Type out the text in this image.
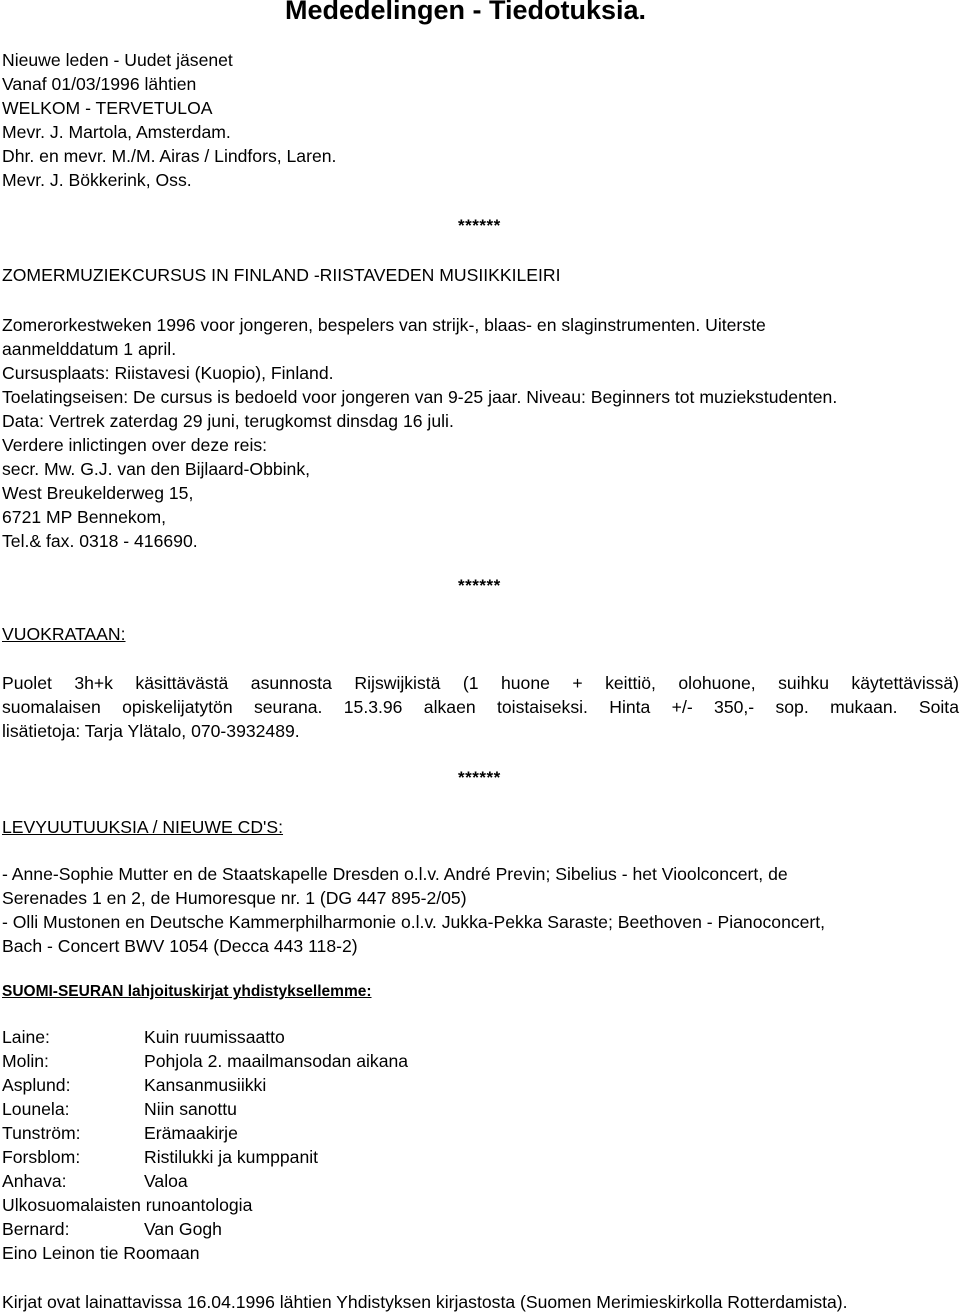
Mededelingen - Tiedotuksia.
Nieuwe leden - Uudet jäsenet
Vanaf 01/03/1996 lähtien
WELKOM - TERVETULOA
Mevr. J. Martola, Amsterdam.
Dhr. en mevr. M./M. Airas / Lindfors, Laren.
Mevr. J. Bökkerink, Oss.
******
ZOMERMUZIEKCURSUS IN FINLAND -RIISTAVEDEN MUSIIKKILEIRI
Zomerorkestweken 1996 voor jongeren, bespelers van strijk-, blaas- en slaginstrumenten. Uiterste
aanmelddatum 1 april.
Cursusplaats: Riistavesi (Kuopio), Finland.
Toelatingseisen: De cursus is bedoeld voor jongeren van 9-25 jaar. Niveau: Beginners tot muziekstudenten.
Data: Vertrek zaterdag 29 juni, terugkomst dinsdag 16 juli.
Verdere inlictingen over deze reis:
secr. Mw. G.J. van den Bijlaard-Obbink,
West Breukelderweg 15,
6721 MP Bennekom,
Tel.& fax. 0318 - 416690.
******
VUOKRATAAN:
Puolet 3h+k käsittävästä asunnosta Rijswijkistä (1 huone + keittiö, olohuone, suihku käytettävissä)
suomalaisen opiskelijatytön seurana. 15.3.96 alkaen toistaiseksi. Hinta +/- 350,- sop. mukaan. Soita
lisätietoja: Tarja Ylätalo, 070-3932489.
******
LEVYUUTUUKSIA / NIEUWE CD'S:
- Anne-Sophie Mutter en de Staatskapelle Dresden o.l.v. André Previn; Sibelius - het Vioolconcert, de
Serenades 1 en 2, de Humoresque nr. 1 (DG 447 895-2/05)
- Olli Mustonen en Deutsche Kammerphilharmonie o.l.v. Jukka-Pekka Saraste; Beethoven - Pianoconcert,
Bach - Concert BWV 1054 (Decca 443 118-2)
SUOMI-SEURAN lahjoituskirjat yhdistyksellemme:
Laine:	Kuin ruumissaatto
Molin:	Pohjola 2. maailmansodan aikana
Asplund:	Kansanmusiikki
Lounela:	Niin sanottu
Tunström:	Erämaakirje
Forsblom:	Ristilukki ja kumppanit
Anhava:	Valoa
Ulkosuomalaisten runoantologia
Bernard:	Van Gogh
Eino Leinon tie Roomaan
Kirjat ovat lainattavissa 16.04.1996 lähtien Yhdistyksen kirjastosta (Suomen Merimieskirkolla Rotterdamista).
